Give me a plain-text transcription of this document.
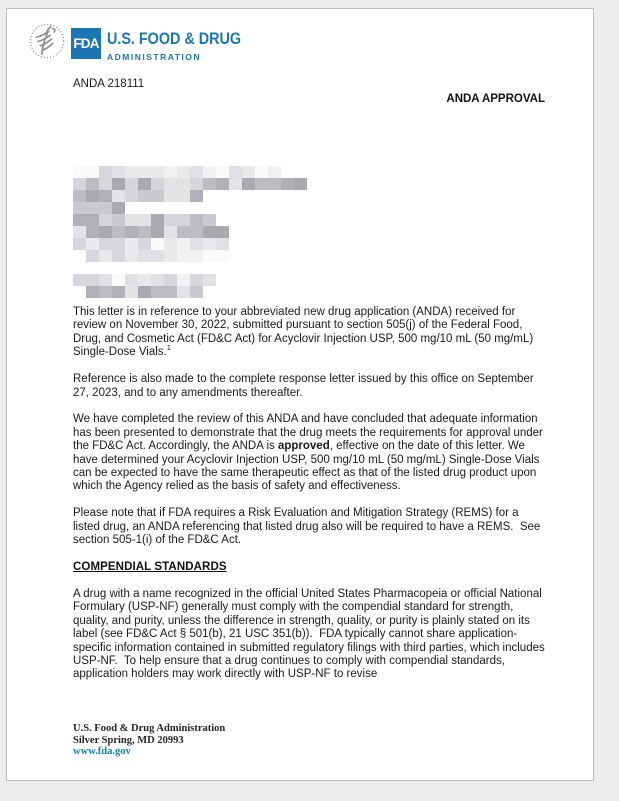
FDA U.S. FOOD & DRUG
ADMINISTRATION
ANDA 218111
ANDA APPROVAL

This letter is in reference to your abbreviated new drug application (ANDA) received for review on November 30, 2022, submitted pursuant to section 505(j) of the Federal Food, Drug, and Cosmetic Act (FD&C Act) for Acyclovir Injection USP, 500 mg/10 mL (50 mg/mL) Single-Dose Vials.$^1$

Reference is also made to the complete response letter issued by this office on September 27, 2023, and to any amendments thereafter.

We have completed the review of this ANDA and have concluded that adequate information has been presented to demonstrate that the drug meets the requirements for approval under the FD&C Act. Accordingly, the ANDA is approved, effective on the date of this letter. We have determined your Acyclovir Injection USP, 500 mg/10 mL (50 mg/mL) Single-Dose Vials can be expected to have the same therapeutic effect as that of the listed drug product upon which the Agency relied as the basis of safety and effectiveness.

Please note that if FDA requires a Risk Evaluation and Mitigation Strategy (REMS) for a listed drug, an ANDA referencing that listed drug also will be required to have a REMS.  See section 505-1(i) of the FD&C Act.

COMPENDIAL STANDARDS

A drug with a name recognized in the official United States Pharmacopeia or official National Formulary (USP-NF) generally must comply with the compendial standard for strength, quality, and purity, unless the difference in strength, quality, or purity is plainly stated on its label (see FD&C Act § 501(b), 21 USC 351(b)).  FDA typically cannot share application-specific information contained in submitted regulatory filings with third parties, which includes USP-NF.  To help ensure that a drug continues to comply with compendial standards, application holders may work directly with USP-NF to revise

U.S. Food & Drug Administration
Silver Spring, MD 20993
www.fda.gov
